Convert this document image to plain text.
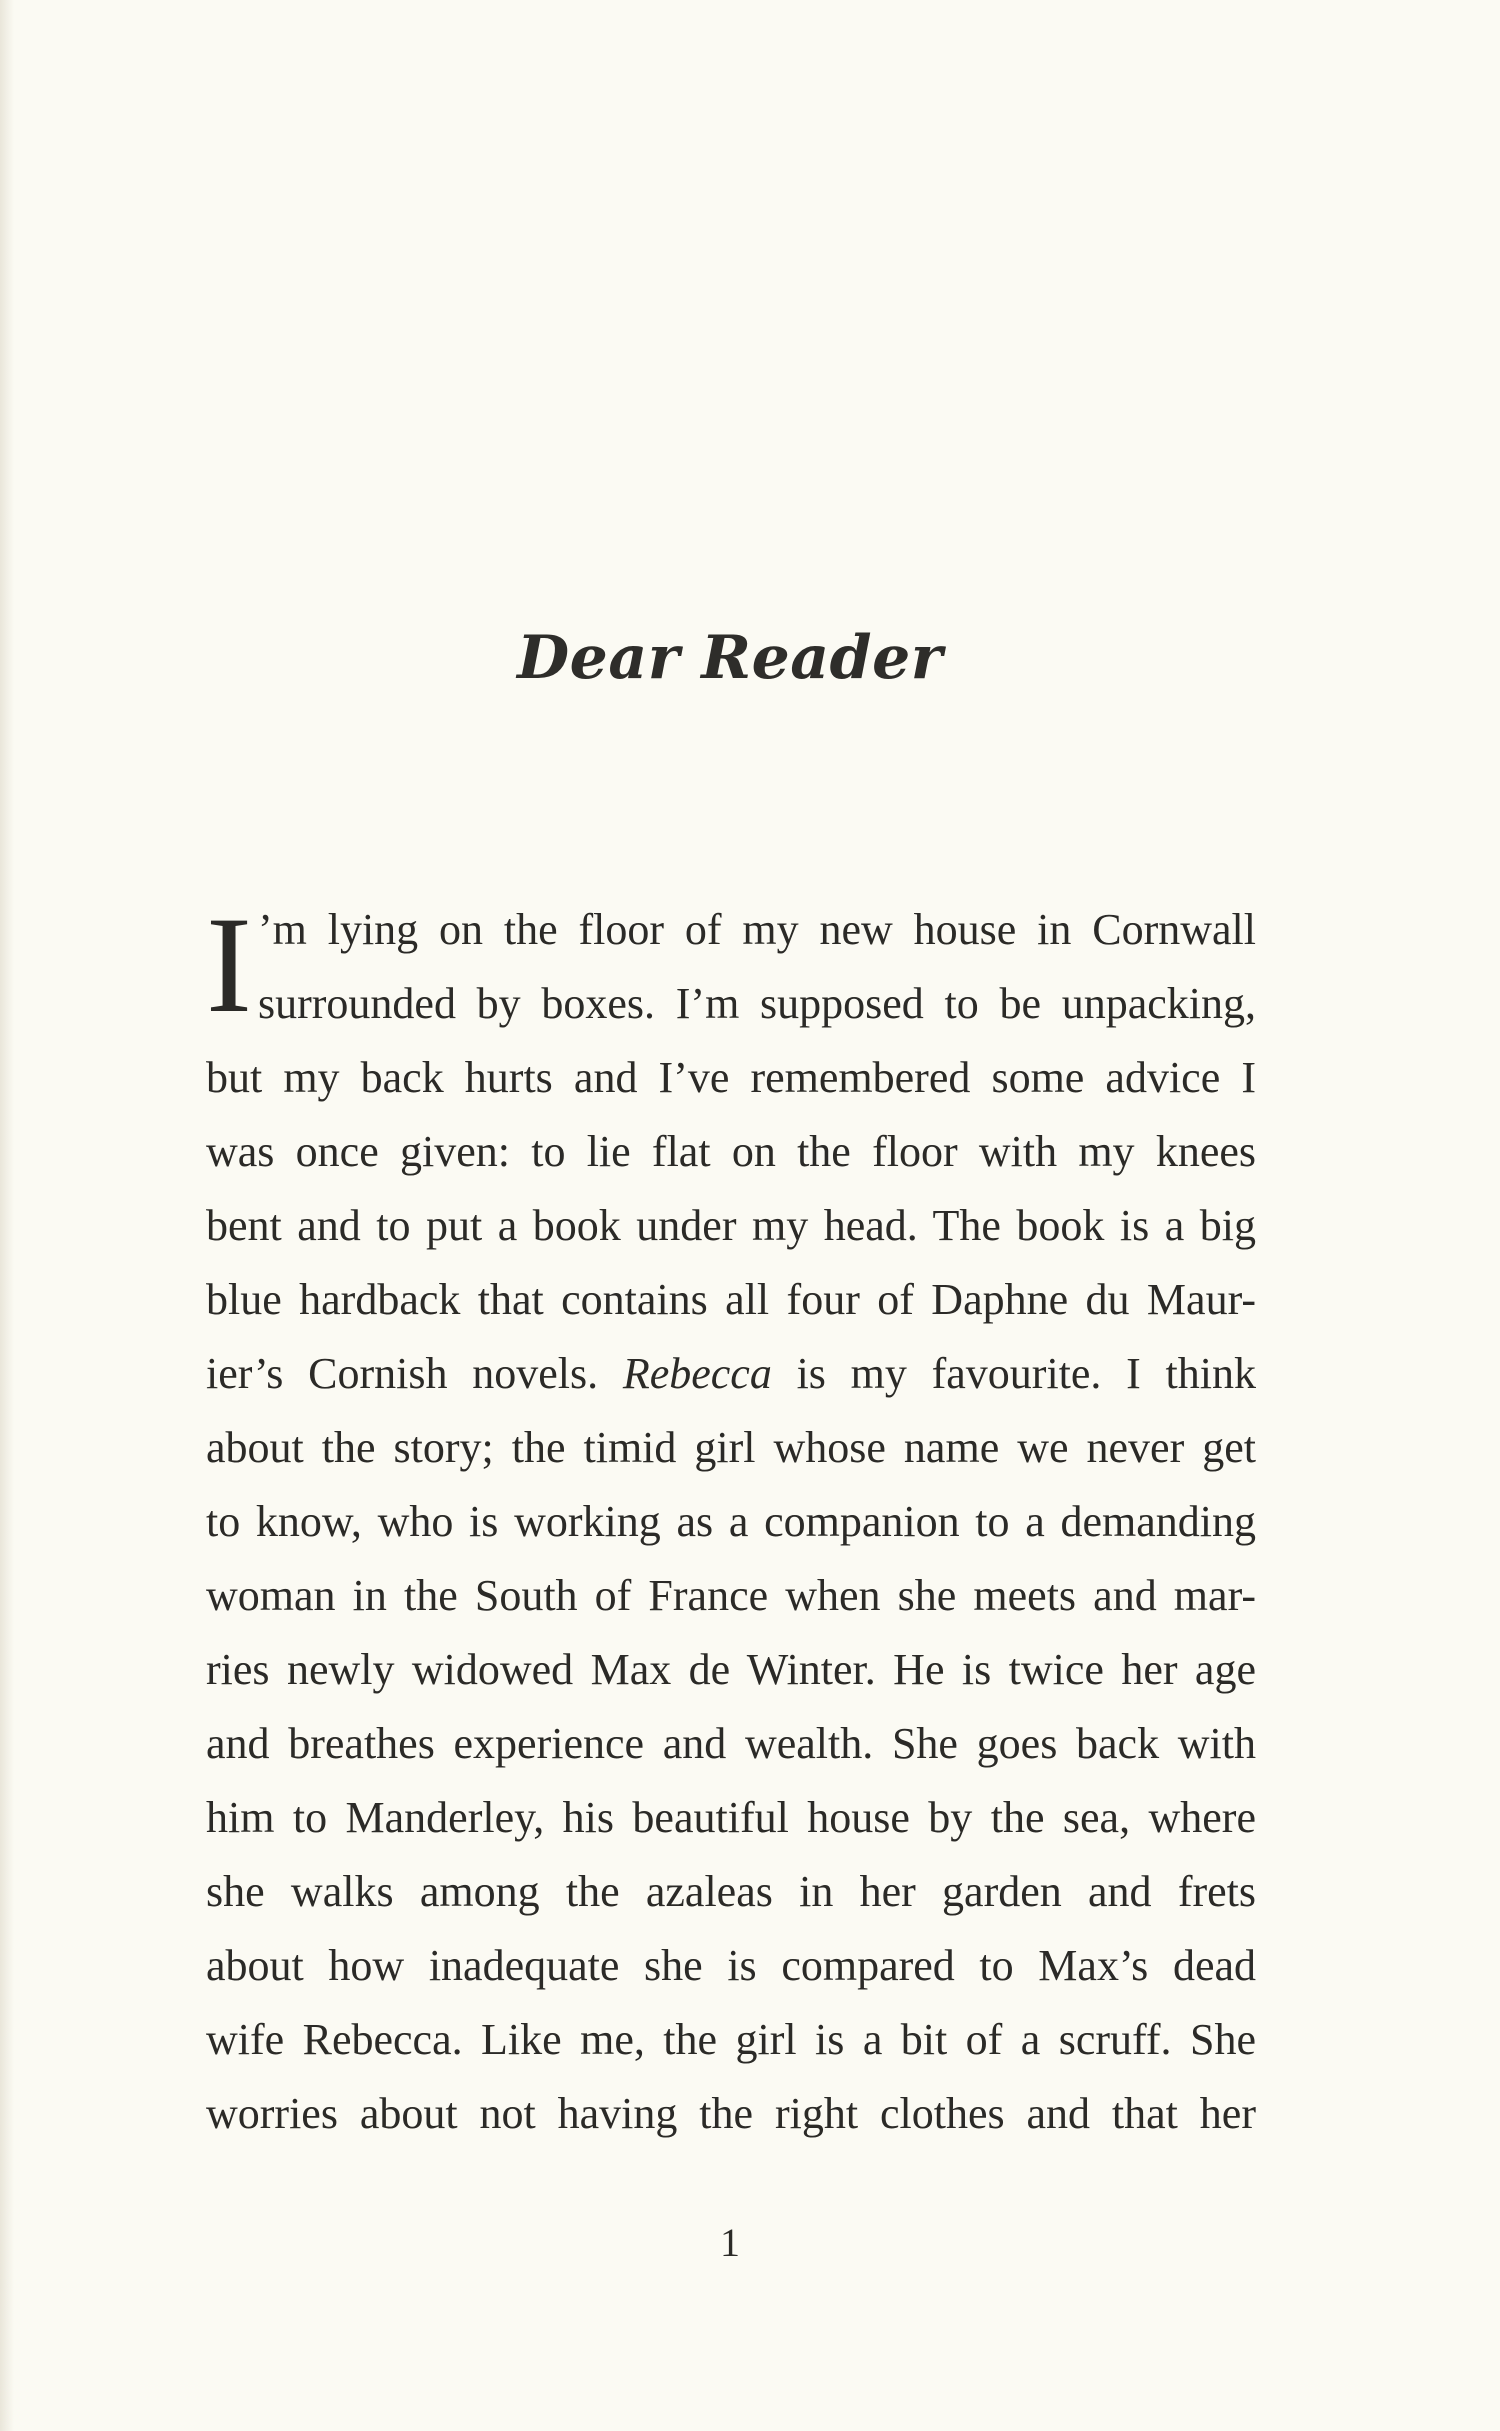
Dear Reader
I ’m lying on the floor of my new house in Cornwall
surrounded by boxes. I’m supposed to be unpacking,
but my back hurts and I’ve remembered some advice I
was once given: to lie flat on the floor with my knees
bent and to put a book under my head. The book is a big
blue hardback that contains all four of Daphne du Maur-
ier’s Cornish novels. Rebecca is my favourite. I think
about the story; the timid girl whose name we never get
to know, who is working as a companion to a demanding
woman in the South of France when she meets and mar-
ries newly widowed Max de Winter. He is twice her age
and breathes experience and wealth. She goes back with
him to Manderley, his beautiful house by the sea, where
she walks among the azaleas in her garden and frets
about how inadequate she is compared to Max’s dead
wife Rebecca. Like me, the girl is a bit of a scruff. She
worries about not having the right clothes and that her
1
